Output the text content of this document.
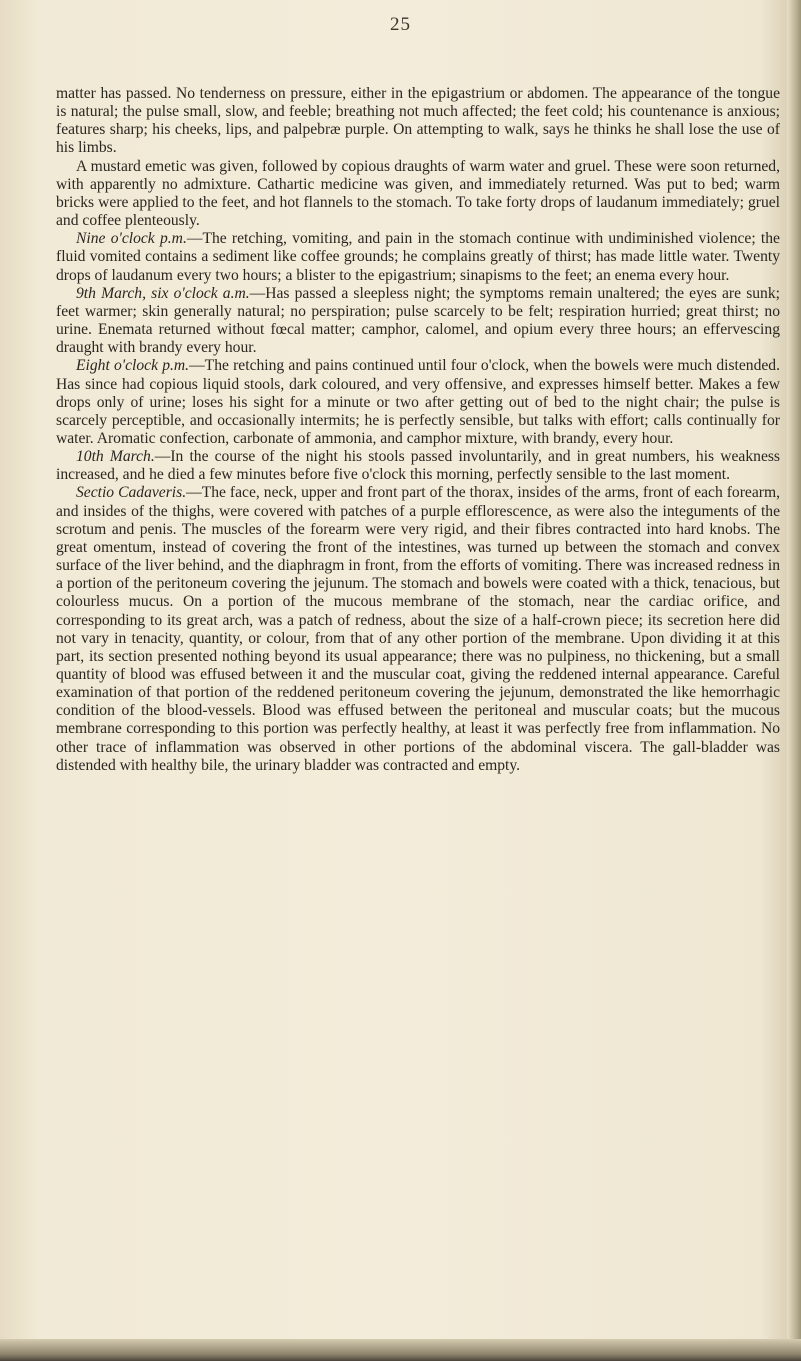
25

matter has passed. No tenderness on pressure, either in the epigastrium or abdomen. The appearance of the tongue is natural; the pulse small, slow, and feeble; breathing not much affected; the feet cold; his countenance is anxious; features sharp; his cheeks, lips, and palpebræ purple. On attempting to walk, says he thinks he shall lose the use of his limbs.

A mustard emetic was given, followed by copious draughts of warm water and gruel. These were soon returned, with apparently no admixture. Cathartic medicine was given, and immediately returned. Was put to bed; warm bricks were applied to the feet, and hot flannels to the stomach. To take forty drops of laudanum immediately; gruel and coffee plenteously.

Nine o'clock p.m.—The retching, vomiting, and pain in the stomach continue with undiminished violence; the fluid vomited contains a sediment like coffee grounds; he complains greatly of thirst; has made little water. Twenty drops of laudanum every two hours; a blister to the epigastrium; sinapisms to the feet; an enema every hour.

9th March, six o'clock a.m.—Has passed a sleepless night; the symptoms remain unaltered; the eyes are sunk; feet warmer; skin generally natural; no perspiration; pulse scarcely to be felt; respiration hurried; great thirst; no urine. Enemata returned without fœcal matter; camphor, calomel, and opium every three hours; an effervescing draught with brandy every hour.

Eight o'clock p.m.—The retching and pains continued until four o'clock, when the bowels were much distended. Has since had copious liquid stools, dark coloured, and very offensive, and expresses himself better. Makes a few drops only of urine; loses his sight for a minute or two after getting out of bed to the night chair; the pulse is scarcely perceptible, and occasionally intermits; he is perfectly sensible, but talks with effort; calls continually for water. Aromatic confection, carbonate of ammonia, and camphor mixture, with brandy, every hour.

10th March.—In the course of the night his stools passed involuntarily, and in great numbers, his weakness increased, and he died a few minutes before five o'clock this morning, perfectly sensible to the last moment.

Sectio Cadaveris.—The face, neck, upper and front part of the thorax, insides of the arms, front of each forearm, and insides of the thighs, were covered with patches of a purple efflorescence, as were also the integuments of the scrotum and penis. The muscles of the forearm were very rigid, and their fibres contracted into hard knobs. The great omentum, instead of covering the front of the intestines, was turned up between the stomach and convex surface of the liver behind, and the diaphragm in front, from the efforts of vomiting. There was increased redness in a portion of the peritoneum covering the jejunum. The stomach and bowels were coated with a thick, tenacious, but colourless mucus. On a portion of the mucous membrane of the stomach, near the cardiac orifice, and corresponding to its great arch, was a patch of redness, about the size of a half-crown piece; its secretion here did not vary in tenacity, quantity, or colour, from that of any other portion of the membrane. Upon dividing it at this part, its section presented nothing beyond its usual appearance; there was no pulpiness, no thickening, but a small quantity of blood was effused between it and the muscular coat, giving the reddened internal appearance. Careful examination of that portion of the reddened peritoneum covering the jejunum, demonstrated the like hemorrhagic condition of the blood-vessels. Blood was effused between the peritoneal and muscular coats; but the mucous membrane corresponding to this portion was perfectly healthy, at least it was perfectly free from inflammation. No other trace of inflammation was observed in other portions of the abdominal viscera. The gall-bladder was distended with healthy bile, the urinary bladder was contracted and empty.
